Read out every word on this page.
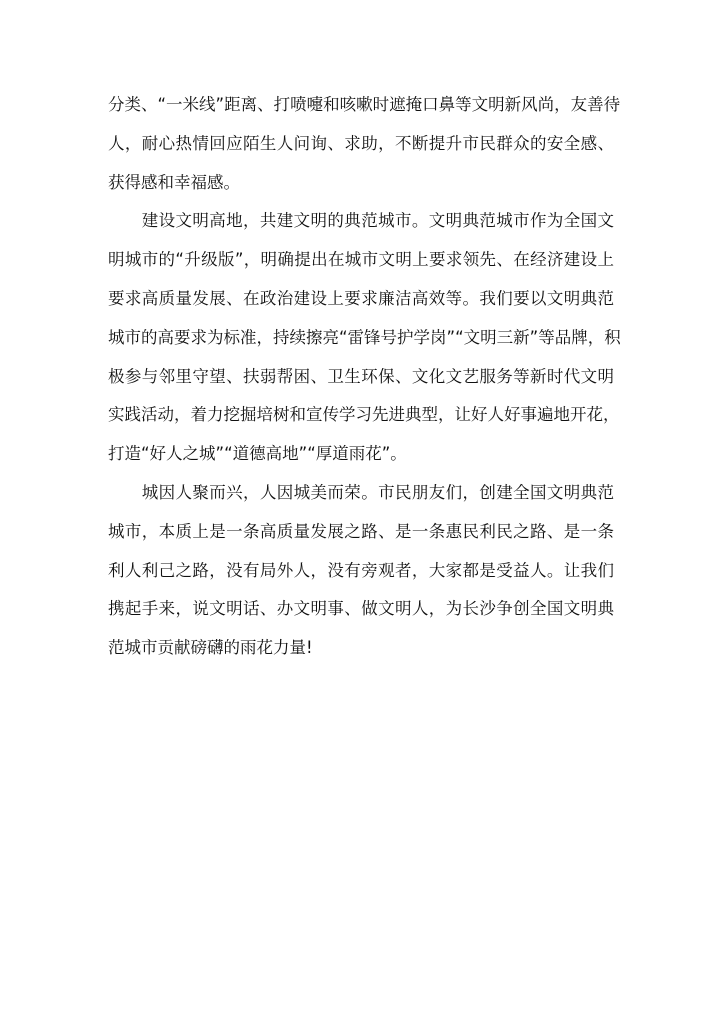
分类、“一米线”距离、打喷嚏和咳嗽时遮掩口鼻等文明新风尚，友善待
人，耐心热情回应陌生人问询、求助，不断提升市民群众的安全感、
获得感和幸福感。
　　建设文明高地，共建文明的典范城市。文明典范城市作为全国文
明城市的“升级版”，明确提出在城市文明上要求领先、在经济建设上
要求高质量发展、在政治建设上要求廉洁高效等。我们要以文明典范
城市的高要求为标准，持续擦亮“雷锋号护学岗”“文明三新”等品牌，积
极参与邻里守望、扶弱帮困、卫生环保、文化文艺服务等新时代文明
实践活动，着力挖掘培树和宣传学习先进典型，让好人好事遍地开花，
打造“好人之城”“道德高地”“厚道雨花”。
　　城因人聚而兴，人因城美而荣。市民朋友们，创建全国文明典范
城市，本质上是一条高质量发展之路、是一条惠民利民之路、是一条
利人利己之路，没有局外人，没有旁观者，大家都是受益人。让我们
携起手来，说文明话、办文明事、做文明人，为长沙争创全国文明典
范城市贡献磅礴的雨花力量!
